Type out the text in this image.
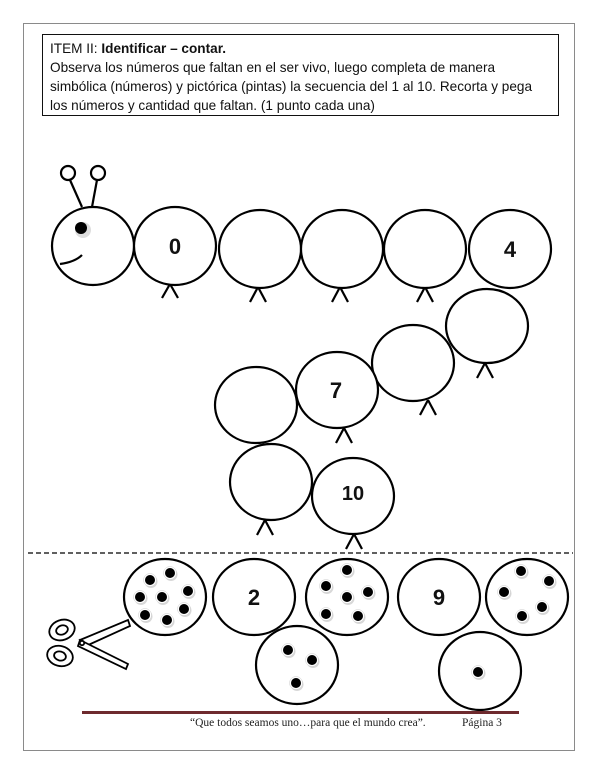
ITEM II: Identificar – contar.
Observa los números que faltan en el ser vivo, luego completa de manera simbólica (números) y pictórica (pintas) la secuencia del 1 al 10. Recorta y pega los números y cantidad que faltan. (1 punto cada una)
0	4
7
10
2	9
“Que todos seamos uno…para que el mundo crea”.	Página 3
